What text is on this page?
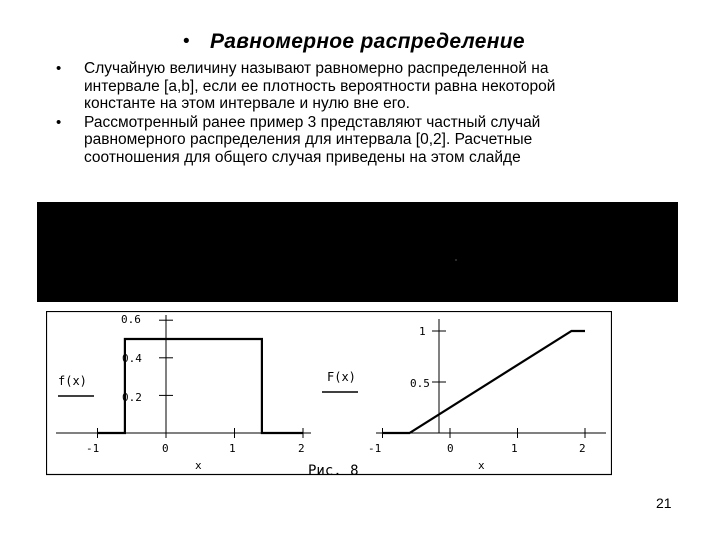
• Равномерное распределение
• Случайную величину называют равномерно распределенной на
интервале [a,b], если ее плотность вероятности равна некоторой
константе на этом интервале и нулю вне его.
• Рассмотренный ранее пример 3 представляют частный случай
равномерного распределения для интервала [0,2]. Расчетные
соотношения для общего случая приведены на этом слайде
f(x)
0.6
0.4
0.2
-1	0	1	2
x
F(x)
1
0.5
-1	0	1	2
x
Рис. 8
21
